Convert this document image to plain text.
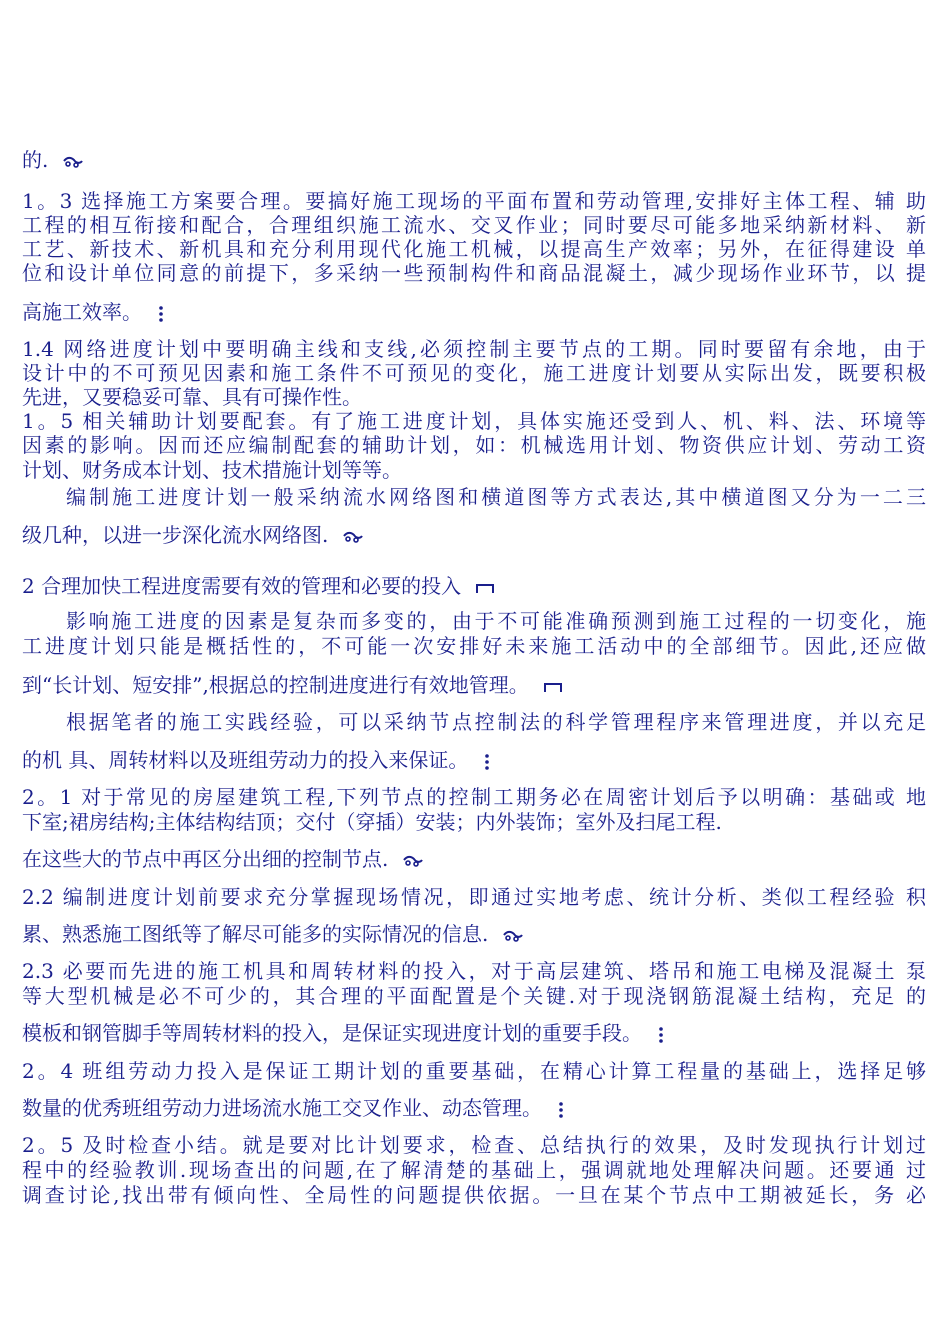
的.
1。3 选择施工方案要合理。要搞好施工现场的平面布置和劳动管理,安排好主体工程、辅 助
工程的相互衔接和配合，合理组织施工流水、交叉作业；同时要尽可能多地采纳新材料、 新
工艺、新技术、新机具和充分利用现代化施工机械，以提高生产效率；另外，在征得建设 单
位和设计单位同意的前提下，多采纳一些预制构件和商品混凝土，减少现场作业环节，以 提
高施工效率。
1.4 网络进度计划中要明确主线和支线,必须控制主要节点的工期。同时要留有余地，由于
设计中的不可预见因素和施工条件不可预见的变化，施工进度计划要从实际出发，既要积极
先进，又要稳妥可靠、具有可操作性。
1。5 相关辅助计划要配套。有了施工进度计划，具体实施还受到人、机、料、法、环境等
因素的影响。因而还应编制配套的辅助计划，如：机械选用计划、物资供应计划、劳动工资
计划、财务成本计划、技术措施计划等等。
编制施工进度计划一般采纳流水网络图和横道图等方式表达,其中横道图又分为一二三
级几种，以进一步深化流水网络图.
2 合理加快工程进度需要有效的管理和必要的投入
影响施工进度的因素是复杂而多变的，由于不可能准确预测到施工过程的一切变化，施
工进度计划只能是概括性的，不可能一次安排好未来施工活动中的全部细节。因此,还应做
到“长计划、短安排”,根据总的控制进度进行有效地管理。
根据笔者的施工实践经验，可以采纳节点控制法的科学管理程序来管理进度，并以充足
的机 具、周转材料以及班组劳动力的投入来保证。
2。1 对于常见的房屋建筑工程,下列节点的控制工期务必在周密计划后予以明确：基础或 地
下室;裙房结构;主体结构结顶；交付（穿插）安装；内外装饰；室外及扫尾工程.
在这些大的节点中再区分出细的控制节点.
2.2 编制进度计划前要求充分掌握现场情况，即通过实地考虑、统计分析、类似工程经验 积
累、熟悉施工图纸等了解尽可能多的实际情况的信息.
2.3 必要而先进的施工机具和周转材料的投入，对于高层建筑、塔吊和施工电梯及混凝土 泵
等大型机械是必不可少的，其合理的平面配置是个关键.对于现浇钢筋混凝土结构，充足 的
模板和钢管脚手等周转材料的投入，是保证实现进度计划的重要手段。
2。4 班组劳动力投入是保证工期计划的重要基础，在精心计算工程量的基础上，选择足够
数量的优秀班组劳动力进场流水施工交叉作业、动态管理。
2。5 及时检查小结。就是要对比计划要求，检查、总结执行的效果，及时发现执行计划过
程中的经验教训.现场查出的问题,在了解清楚的基础上，强调就地处理解决问题。还要通 过
调查讨论,找出带有倾向性、全局性的问题提供依据。一旦在某个节点中工期被延长，务 必
